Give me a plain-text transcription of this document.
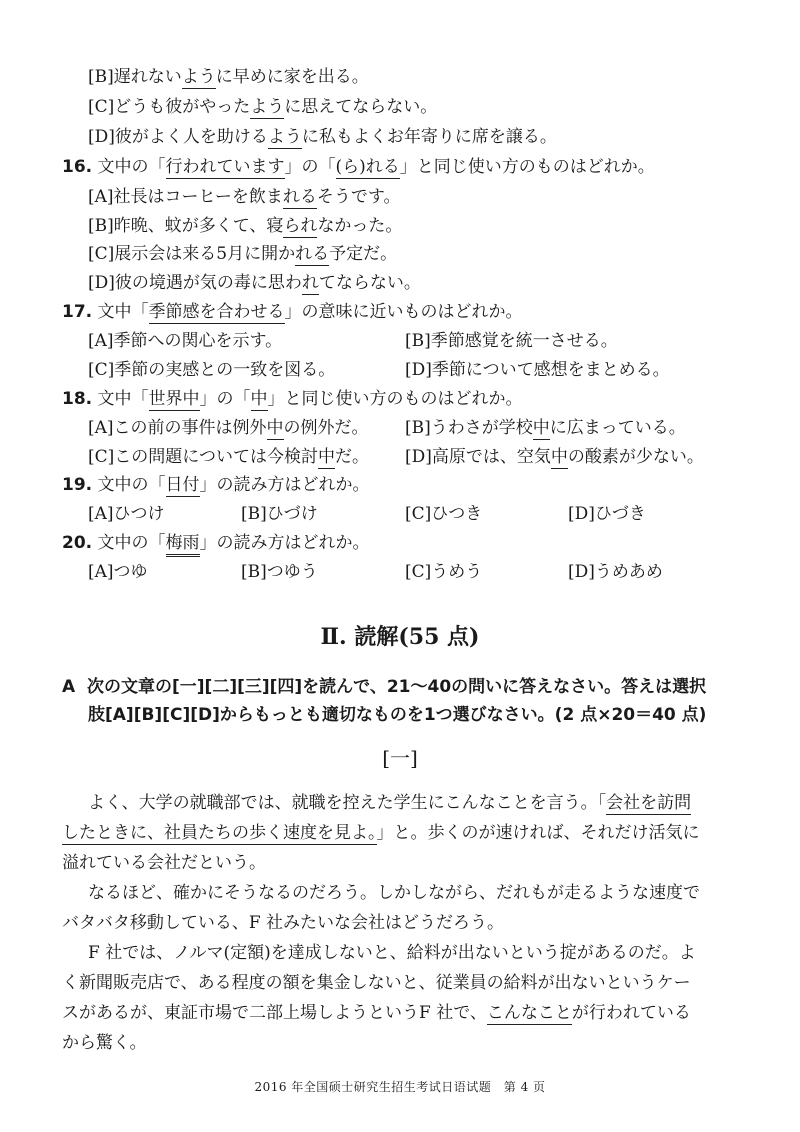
[B]遅れないように早めに家を出る。
[C]どうも彼がやったように思えてならない。
[D]彼がよく人を助けるように私もよくお年寄りに席を譲る。
16. 文中の「行われています」の「(ら)れる」と同じ使い方のものはどれか。
[A]社長はコーヒーを飲まれるそうです。
[B]昨晩、蚊が多くて、寝られなかった。
[C]展示会は来る5月に開かれる予定だ。
[D]彼の境遇が気の毒に思われてならない。
17. 文中「季節感を合わせる」の意味に近いものはどれか。
[A]季節への関心を示す。	[B]季節感覚を統一させる。
[C]季節の実感との一致を図る。	[D]季節について感想をまとめる。
18. 文中「世界中」の「中」と同じ使い方のものはどれか。
[A]この前の事件は例外中の例外だ。 [B]うわさが学校中に広まっている。
[C]この問題については今検討中だ。 [D]高原では、空気中の酸素が少ない。
19. 文中の「日付」の読み方はどれか。
[A]ひつけ	[B]ひづけ	[C]ひつき	[D]ひづき
20. 文中の「梅雨」の読み方はどれか。
[A]つゆ	[B]つゆう	[C]うめう	[D]うめあめ
Ⅱ. 読解(55 点)
A 次の文章の[一][二][三][四]を読んで、21～40の問いに答えなさい。答えは選択
肢[A][B][C][D]からもっとも適切なものを1つ選びなさい。(2 点×20＝40 点)
[一]
よく、大学の就職部では、就職を控えた学生にこんなことを言う。「会社を訪問
したときに、社員たちの歩く速度を見よ。」と。歩くのが速ければ、それだけ活気に
溢れている会社だという。
なるほど、確かにそうなるのだろう。しかしながら、だれもが走るような速度で
バタバタ移動している、F 社みたいな会社はどうだろう。
F 社では、ノルマ(定額)を達成しないと、給料が出ないという掟があるのだ。よ
く新聞販売店で、ある程度の額を集金しないと、従業員の給料が出ないというケー
スがあるが、東証市場で二部上場しようというF 社で、こんなことが行われている
から驚く。
2016 年全国硕士研究生招生考试日语试题　第 4 页
